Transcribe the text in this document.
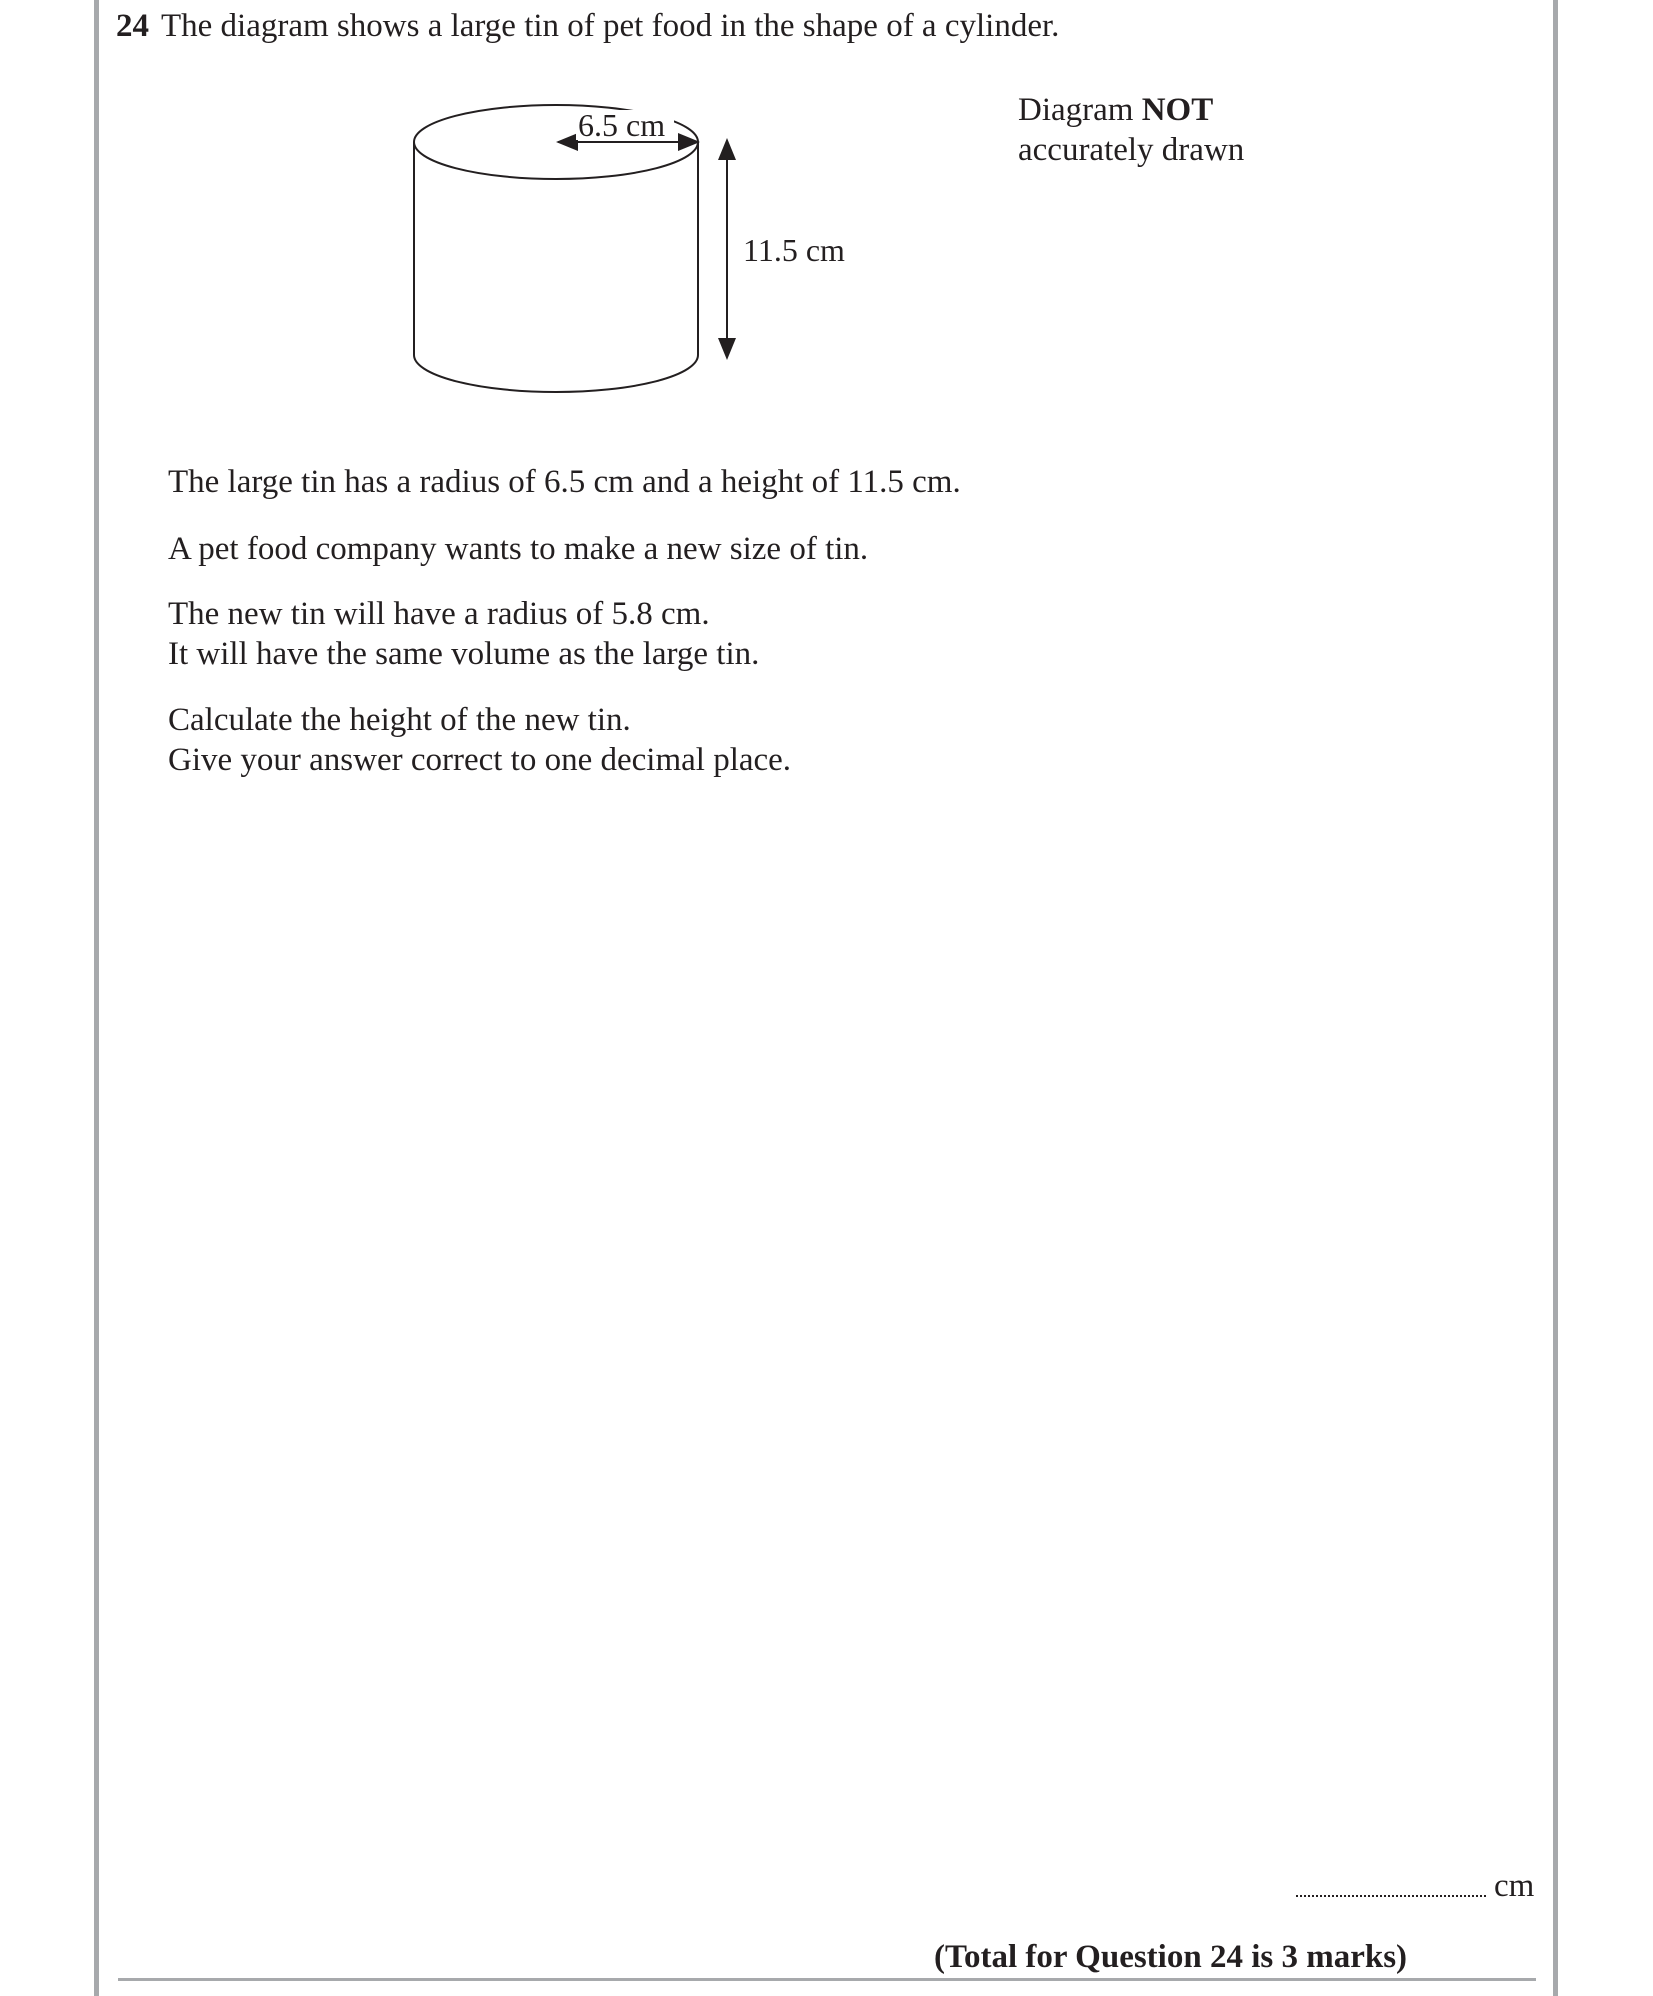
24 The diagram shows a large tin of pet food in the shape of a cylinder.
6.5 cm
11.5 cm
Diagram NOT
accurately drawn
The large tin has a radius of 6.5 cm and a height of 11.5 cm.
A pet food company wants to make a new size of tin.
The new tin will have a radius of 5.8 cm.
It will have the same volume as the large tin.
Calculate the height of the new tin.
Give your answer correct to one decimal place.
cm
(Total for Question 24 is 3 marks)
